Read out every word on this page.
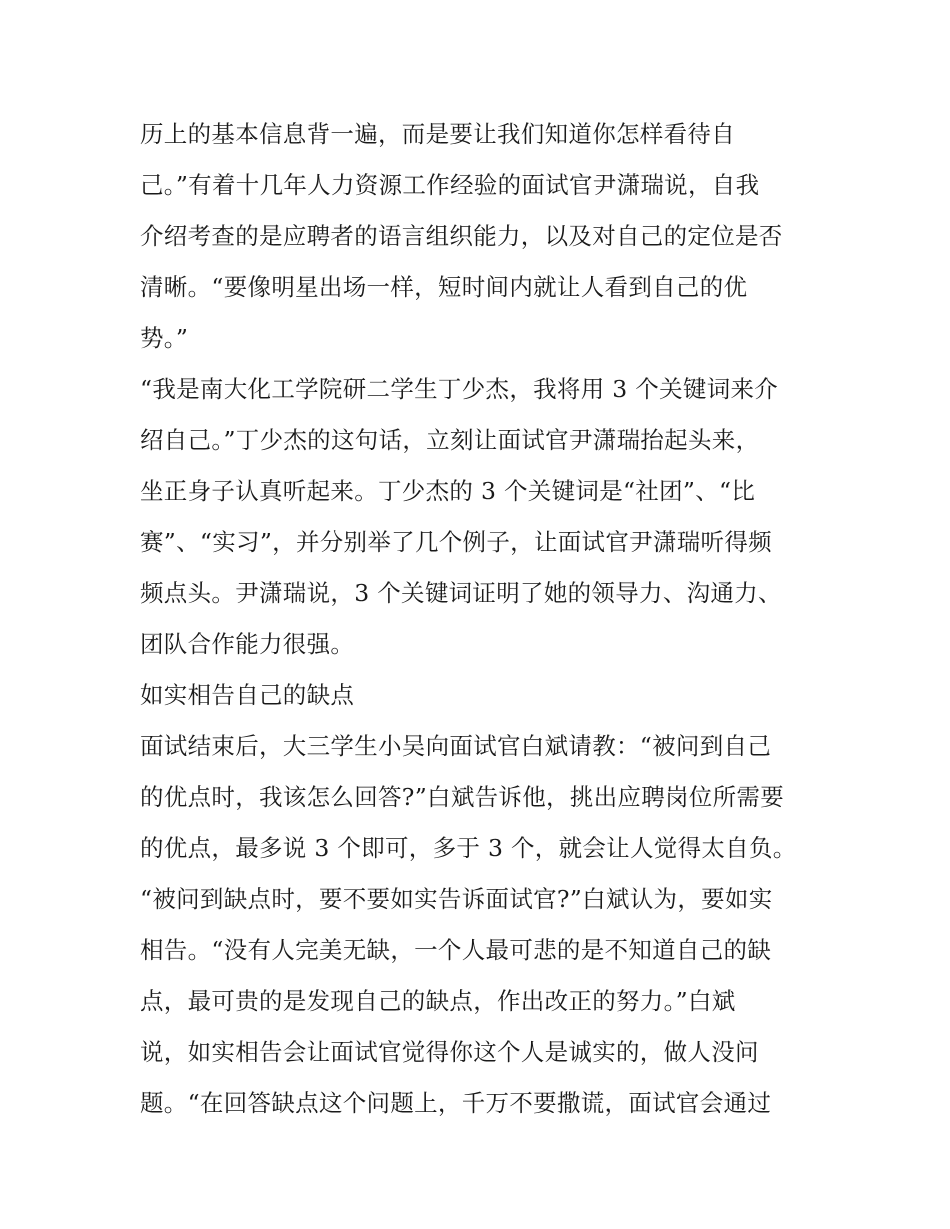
历上的基本信息背一遍，而是要让我们知道你怎样看待自
己。”有着十几年人力资源工作经验的面试官尹潇瑞说，自我
介绍考查的是应聘者的语言组织能力，以及对自己的定位是否
清晰。“要像明星出场一样，短时间内就让人看到自己的优
势。”
“我是南大化工学院研二学生丁少杰，我将用 3 个关键词来介
绍自己。”丁少杰的这句话，立刻让面试官尹潇瑞抬起头来，
坐正身子认真听起来。丁少杰的 3 个关键词是“社团”、“比
赛”、“实习”，并分别举了几个例子，让面试官尹潇瑞听得频
频点头。尹潇瑞说，3 个关键词证明了她的领导力、沟通力、
团队合作能力很强。
如实相告自己的缺点
面试结束后，大三学生小吴向面试官白斌请教：“被问到自己
的优点时，我该怎么回答?”白斌告诉他，挑出应聘岗位所需要
的优点，最多说 3 个即可，多于 3 个，就会让人觉得太自负。
“被问到缺点时，要不要如实告诉面试官?”白斌认为，要如实
相告。“没有人完美无缺，一个人最可悲的是不知道自己的缺
点，最可贵的是发现自己的缺点，作出改正的努力。”白斌
说，如实相告会让面试官觉得你这个人是诚实的，做人没问
题。“在回答缺点这个问题上，千万不要撒谎，面试官会通过
